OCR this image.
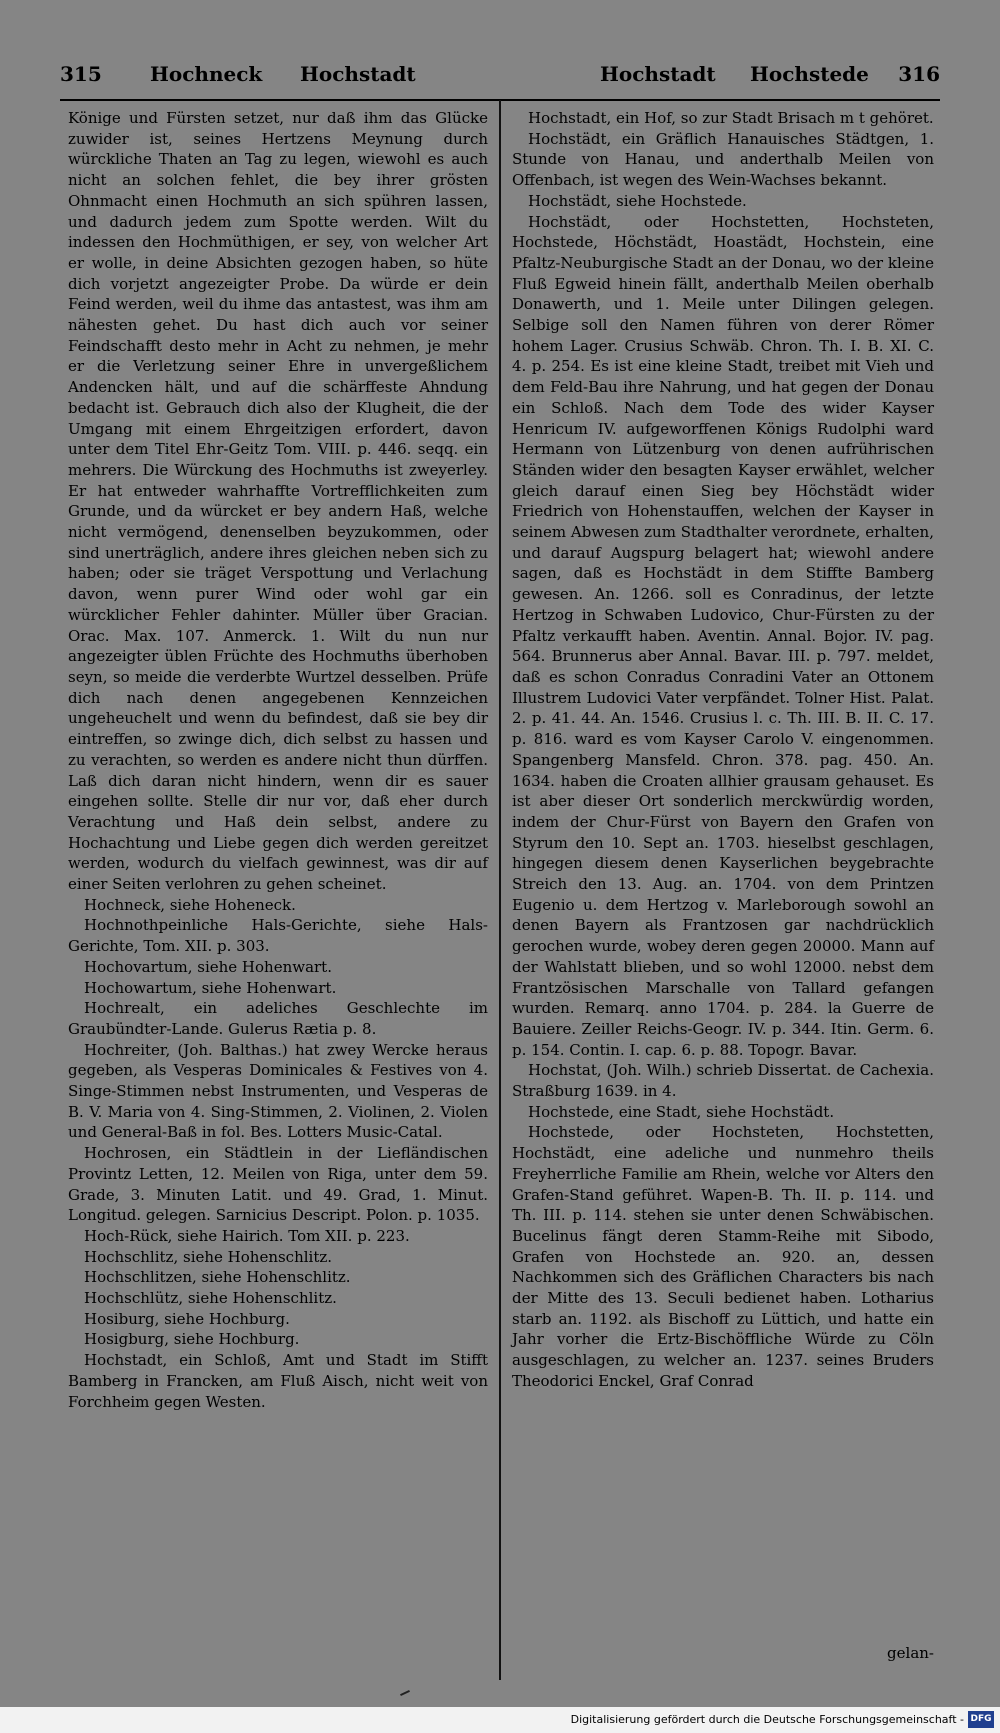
315 Hochneck Hochstadt	Hochstadt Hochstede 316

Könige und Fürsten setzet, nur daß ihm das Glücke zuwider ist, seines Hertzens Meynung durch würckliche Thaten an Tag zu legen, wiewohl es auch nicht an solchen fehlet, die bey ihrer grösten Ohnmacht einen Hochmuth an sich spühren lassen, und dadurch jedem zum Spotte werden. Wilt du indessen den Hochmüthigen, er sey, von welcher Art er wolle, in deine Absichten gezogen haben, so hüte dich vorjetzt angezeigter Probe. Da würde er dein Feind werden, weil du ihme das antastest, was ihm am nähesten gehet. Du hast dich auch vor seiner Feindschafft desto mehr in Acht zu nehmen, je mehr er die Verletzung seiner Ehre in unvergeßlichem Andencken hält, und auf die schärffeste Ahndung bedacht ist. Gebrauch dich also der Klugheit, die der Umgang mit einem Ehrgeitzigen erfordert, davon unter dem Titel Ehr-Geitz Tom. VIII. p. 446. seqq. ein mehrers. Die Würckung des Hochmuths ist zweyerley. Er hat entweder wahrhaffte Vortrefflichkeiten zum Grunde, und da würcket er bey andern Haß, welche nicht vermögend, denenselben beyzukommen, oder sind unerträglich, andere ihres gleichen neben sich zu haben; oder sie träget Verspottung und Verlachung davon, wenn purer Wind oder wohl gar ein würcklicher Fehler dahinter. Müller über Gracian. Orac. Max. 107. Anmerck. 1. Wilt du nun nur angezeigter üblen Früchte des Hochmuths überhoben seyn, so meide die verderbte Wurtzel desselben. Prüfe dich nach denen angegebenen Kennzeichen ungeheuchelt und wenn du befindest, daß sie bey dir eintreffen, so zwinge dich, dich selbst zu hassen und zu verachten, so werden es andere nicht thun dürffen. Laß dich daran nicht hindern, wenn dir es sauer eingehen sollte. Stelle dir nur vor, daß eher durch Verachtung und Haß dein selbst, andere zu Hochachtung und Liebe gegen dich werden gereitzet werden, wodurch du vielfach gewinnest, was dir auf einer Seiten verlohren zu gehen scheinet.

Hochneck, siehe Hoheneck.

Hochnothpeinliche Hals-Gerichte, siehe Hals-Gerichte, Tom. XII. p. 303.

Hochovartum, siehe Hohenwart.

Hochowartum, siehe Hohenwart.

Hochrealt, ein adeliches Geschlechte im Graubündter-Lande. Gulerus Rætia p. 8.

Hochreiter, (Joh. Balthas.) hat zwey Wercke heraus gegeben, als Vesperas Dominicales & Festives von 4. Singe-Stimmen nebst Instrumenten, und Vesperas de B. V. Maria von 4. Sing-Stimmen, 2. Violinen, 2. Violen und General-Baß in fol. Bes. Lotters Music-Catal.

Hochrosen, ein Städtlein in der Liefländischen Provintz Letten, 12. Meilen von Riga, unter dem 59. Grade, 3. Minuten Latit. und 49. Grad, 1. Minut. Longitud. gelegen. Sarnicius Descript. Polon. p. 1035.

Hoch-Rück, siehe Hairich. Tom XII. p. 223.

Hochschlitz, siehe Hohenschlitz.

Hochschlitzen, siehe Hohenschlitz.

Hochschlütz, siehe Hohenschlitz.

Hosiburg, siehe Hochburg.

Hosigburg, siehe Hochburg.

Hochstadt, ein Schloß, Amt und Stadt im Stifft Bamberg in Francken, am Fluß Aisch, nicht weit von Forchheim gegen Westen.

Hochstadt, ein Hof, so zur Stadt Brisach m t gehöret.

Hochstädt, ein Gräflich Hanauisches Städtgen, 1. Stunde von Hanau, und anderthalb Meilen von Offenbach, ist wegen des Wein-Wachses bekannt.

Hochstädt, siehe Hochstede.

Hochstädt, oder Hochstetten, Hochsteten, Hochstede, Höchstädt, Hoastädt, Hochstein, eine Pfaltz-Neuburgische Stadt an der Donau, wo der kleine Fluß Egweid hinein fällt, anderthalb Meilen oberhalb Donawerth, und 1. Meile unter Dilingen gelegen. Selbige soll den Namen führen von derer Römer hohem Lager. Crusius Schwäb. Chron. Th. I. B. XI. C. 4. p. 254. Es ist eine kleine Stadt, treibet mit Vieh und dem Feld-Bau ihre Nahrung, und hat gegen der Donau ein Schloß. Nach dem Tode des wider Kayser Henricum IV. aufgeworffenen Königs Rudolphi ward Hermann von Lützenburg von denen aufrührischen Ständen wider den besagten Kayser erwählet, welcher gleich darauf einen Sieg bey Höchstädt wider Friedrich von Hohenstauffen, welchen der Kayser in seinem Abwesen zum Stadthalter verordnete, erhalten, und darauf Augspurg belagert hat; wiewohl andere sagen, daß es Hochstädt in dem Stiffte Bamberg gewesen. An. 1266. soll es Conradinus, der letzte Hertzog in Schwaben Ludovico, Chur-Fürsten zu der Pfaltz verkaufft haben. Aventin. Annal. Bojor. IV. pag. 564. Brunnerus aber Annal. Bavar. III. p. 797. meldet, daß es schon Conradus Conradini Vater an Ottonem Illustrem Ludovici Vater verpfändet. Tolner Hist. Palat. 2. p. 41. 44. An. 1546. Crusius l. c. Th. III. B. II. C. 17. p. 816. ward es vom Kayser Carolo V. eingenommen. Spangenberg Mansfeld. Chron. 378. pag. 450. An. 1634. haben die Croaten allhier grausam gehauset. Es ist aber dieser Ort sonderlich merckwürdig worden, indem der Chur-Fürst von Bayern den Grafen von Styrum den 10. Sept an. 1703. hieselbst geschlagen, hingegen diesem denen Kayserlichen beygebrachte Streich den 13. Aug. an. 1704. von dem Printzen Eugenio u. dem Hertzog v. Marleborough sowohl an denen Bayern als Frantzosen gar nachdrücklich gerochen wurde, wobey deren gegen 20000. Mann auf der Wahlstatt blieben, und so wohl 12000. nebst dem Frantzösischen Marschalle von Tallard gefangen wurden. Remarq. anno 1704. p. 284. la Guerre de Bauiere. Zeiller Reichs-Geogr. IV. p. 344. Itin. Germ. 6. p. 154. Contin. I. cap. 6. p. 88. Topogr. Bavar.

Hochstat, (Joh. Wilh.) schrieb Dissertat. de Cachexia. Straßburg 1639. in 4.

Hochstede, eine Stadt, siehe Hochstädt.

Hochstede, oder Hochsteten, Hochstetten, Hochstädt, eine adeliche und nunmehro theils Freyherrliche Familie am Rhein, welche vor Alters den Grafen-Stand geführet. Wapen-B. Th. II. p. 114. und Th. III. p. 114. stehen sie unter denen Schwäbischen. Bucelinus fängt deren Stamm-Reihe mit Sibodo, Grafen von Hochstede an. 920. an, dessen Nachkommen sich des Gräflichen Characters bis nach der Mitte des 13. Seculi bedienet haben. Lotharius starb an. 1192. als Bischoff zu Lüttich, und hatte ein Jahr vorher die Ertz-Bischöffliche Würde zu Cöln ausgeschlagen, zu welcher an. 1237. seines Bruders Theodorici Enckel, Graf Conrad

gelan-
Digitalisierung gefördert durch die Deutsche Forschungsgemeinschaft - DFG
